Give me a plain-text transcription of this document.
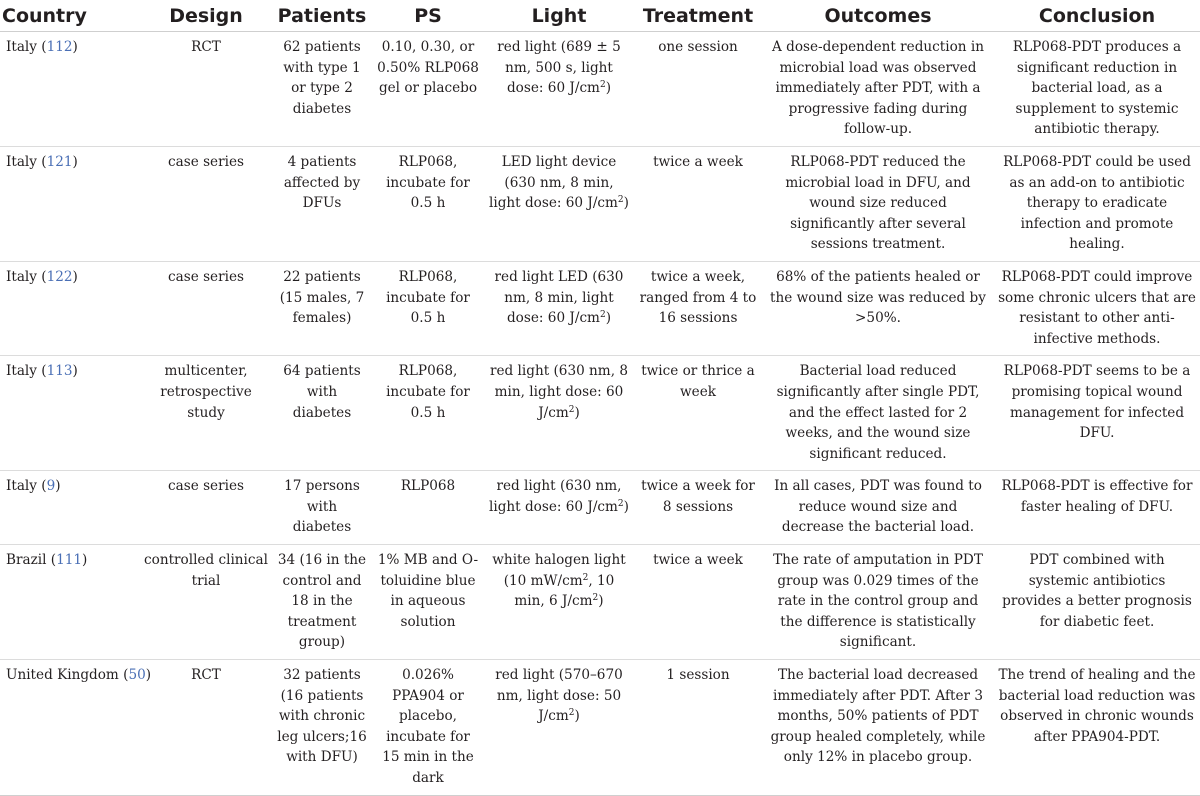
Country	Design	Patients	PS	Light	Treatment	Outcomes	Conclusion
Italy (112)	RCT	62 patients with type 1 or type 2 diabetes	0.10, 0.30, or 0.50% RLP068 gel or placebo	red light (689 ± 5 nm, 500 s, light dose: 60 $J/cm^2$)	one session	A dose-dependent reduction in microbial load was observed immediately after PDT, with a progressive fading during follow-up.	RLP068-PDT produces a significant reduction in bacterial load, as a supplement to systemic antibiotic therapy.
Italy (121)	case series	4 patients affected by DFUs	RLP068, incubate for 0.5 h	LED light device (630 nm, 8 min, light dose: 60 $J/cm^2$)	twice a week	RLP068-PDT reduced the microbial load in DFU, and wound size reduced significantly after several sessions treatment.	RLP068-PDT could be used as an add-on to antibiotic therapy to eradicate infection and promote healing.
Italy (122)	case series	22 patients (15 males, 7 females)	RLP068, incubate for 0.5 h	red light LED (630 nm, 8 min, light dose: 60 $J/cm^2$)	twice a week, ranged from 4 to 16 sessions	68% of the patients healed or the wound size was reduced by >50%.	RLP068-PDT could improve some chronic ulcers that are resistant to other anti-infective methods.
Italy (113)	multicenter, retrospective study	64 patients with diabetes	RLP068, incubate for 0.5 h	red light (630 nm, 8 min, light dose: 60 $J/cm^2$)	twice or thrice a week	Bacterial load reduced significantly after single PDT, and the effect lasted for 2 weeks, and the wound size significant reduced.	RLP068-PDT seems to be a promising topical wound management for infected DFU.
Italy (9)	case series	17 persons with diabetes	RLP068	red light (630 nm, light dose: 60 $J/cm^2$)	twice a week for 8 sessions	In all cases, PDT was found to reduce wound size and decrease the bacterial load.	RLP068-PDT is effective for faster healing of DFU.
Brazil (111)	controlled clinical trial	34 (16 in the control and 18 in the treatment group)	1% MB and O-toluidine blue in aqueous solution	white halogen light (10 $mW/cm^2$, 10 min, 6 $J/cm^2$)	twice a week	The rate of amputation in PDT group was 0.029 times of the rate in the control group and the difference is statistically significant.	PDT combined with systemic antibiotics provides a better prognosis for diabetic feet.
United Kingdom (50)	RCT	32 patients (16 patients with chronic leg ulcers;16 with DFU)	0.026% PPA904 or placebo, incubate for 15 min in the dark	red light (570–670 nm, light dose: 50 $J/cm^2$)	1 session	The bacterial load decreased immediately after PDT. After 3 months, 50% patients of PDT group healed completely, while only 12% in placebo group.	The trend of healing and the bacterial load reduction was observed in chronic wounds after PPA904-PDT.
